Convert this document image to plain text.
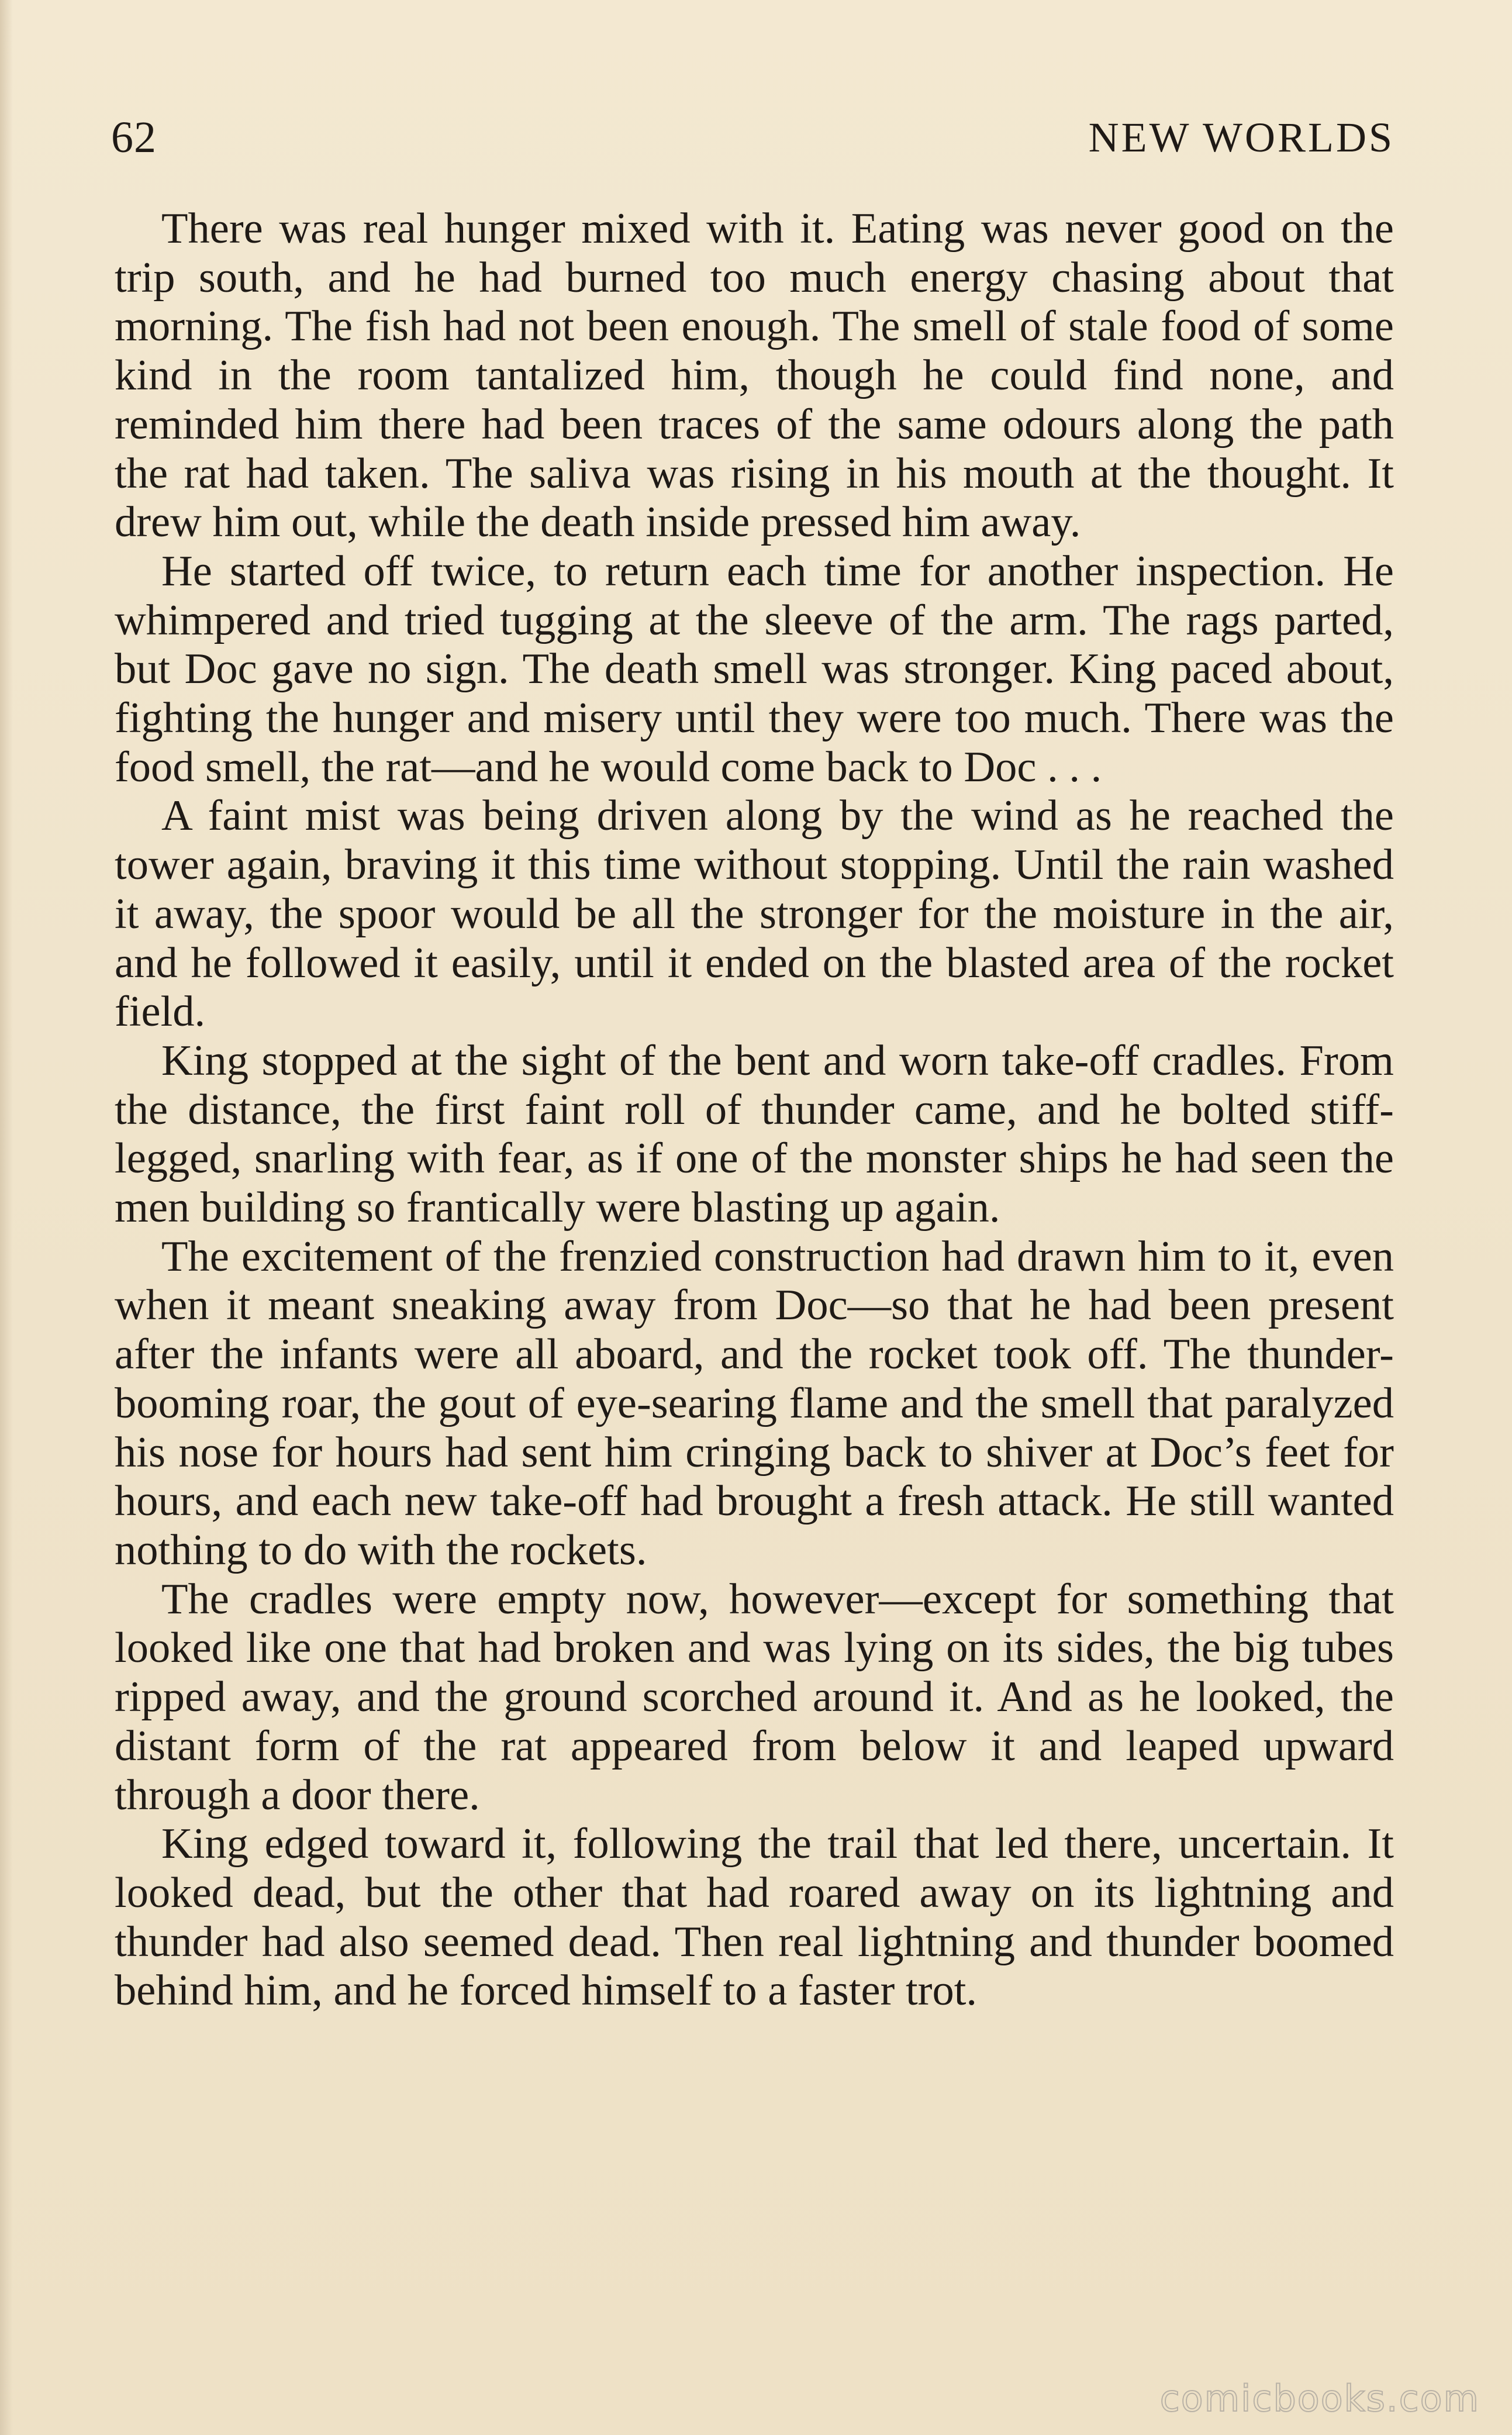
62	NEW WORLDS

There was real hunger mixed with it. Eating was never good on the trip south, and he had burned too much energy chasing about that morning. The fish had not been enough. The smell of stale food of some kind in the room tantalized him, though he could find none, and reminded him there had been traces of the same odours along the path the rat had taken. The saliva was rising in his mouth at the thought. It drew him out, while the death inside pressed him away.

He started off twice, to return each time for another inspection. He whimpered and tried tugging at the sleeve of the arm. The rags parted, but Doc gave no sign. The death smell was stronger. King paced about, fighting the hunger and misery until they were too much. There was the food smell, the rat—and he would come back to Doc . . .

A faint mist was being driven along by the wind as he reached the tower again, braving it this time without stopping. Until the rain washed it away, the spoor would be all the stronger for the moisture in the air, and he followed it easily, until it ended on the blasted area of the rocket field.

King stopped at the sight of the bent and worn take-off cradles. From the distance, the first faint roll of thunder came, and he bolted stiff-legged, snarling with fear, as if one of the monster ships he had seen the men building so frantically were blasting up again.

The excitement of the frenzied construction had drawn him to it, even when it meant sneaking away from Doc—so that he had been present after the infants were all aboard, and the rocket took off. The thunder-booming roar, the gout of eye-searing flame and the smell that paralyzed his nose for hours had sent him cringing back to shiver at Doc’s feet for hours, and each new take-off had brought a fresh attack. He still wanted nothing to do with the rockets.

The cradles were empty now, however—except for something that looked like one that had broken and was lying on its sides, the big tubes ripped away, and the ground scorched around it. And as he looked, the distant form of the rat appeared from below it and leaped upward through a door there.

King edged toward it, following the trail that led there, uncertain. It looked dead, but the other that had roared away on its lightning and thunder had also seemed dead. Then real lightning and thunder boomed behind him, and he forced himself to a faster trot.

comicbooks.com
